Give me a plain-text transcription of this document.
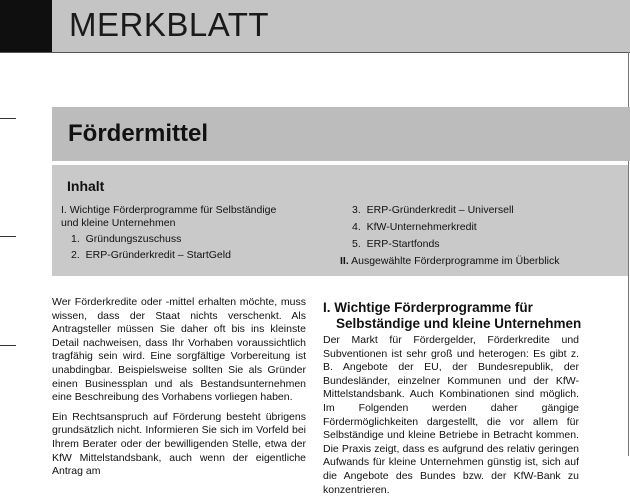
MERKBLATT
Fördermittel
Inhalt
I. Wichtige Förderprogramme für Selbständige und kleine Unternehmen
1. Gründungszuschuss
2. ERP-Gründerkredit – StartGeld
3. ERP-Gründerkredit – Universell
4. KfW-Unternehmerkredit
5. ERP-Startfonds
II. Ausgewählte Förderprogramme im Überblick

Wer Förderkredite oder -mittel erhalten möchte, muss wissen, dass der Staat nichts verschenkt. Als Antragsteller müssen Sie daher oft bis ins kleinste Detail nachweisen, dass Ihr Vorhaben voraussichtlich tragfähig sein wird. Eine sorgfältige Vorbereitung ist unabdingbar. Beispielsweise sollten Sie als Gründer einen Businessplan und als Bestandsunternehmen eine Beschreibung des Vorhabens vorliegen haben.

Ein Rechtsanspruch auf Förderung besteht übrigens grundsätzlich nicht. Informieren Sie sich im Vorfeld bei Ihrem Berater oder der bewilligenden Stelle, etwa der KfW Mittelstandsbank, auch wenn der eigentliche Antrag am

I. Wichtige Förderprogramme für
Selbständige und kleine Unternehmen
Der Markt für Fördergelder, Förderkredite und Subventionen ist sehr groß und heterogen: Es gibt z. B. Angebote der EU, der Bundesrepublik, der Bundesländer, einzelner Kommunen und der KfW-Mittelstandsbank. Auch Kombinationen sind möglich. Im Folgenden werden daher gängige Fördermöglichkeiten dargestellt, die vor allem für Selbständige und kleine Betriebe in Betracht kommen. Die Praxis zeigt, dass es aufgrund des relativ geringen Aufwands für kleine Unternehmen günstig ist, sich auf die Angebote des Bundes bzw. der KfW-Bank zu konzentrieren.
